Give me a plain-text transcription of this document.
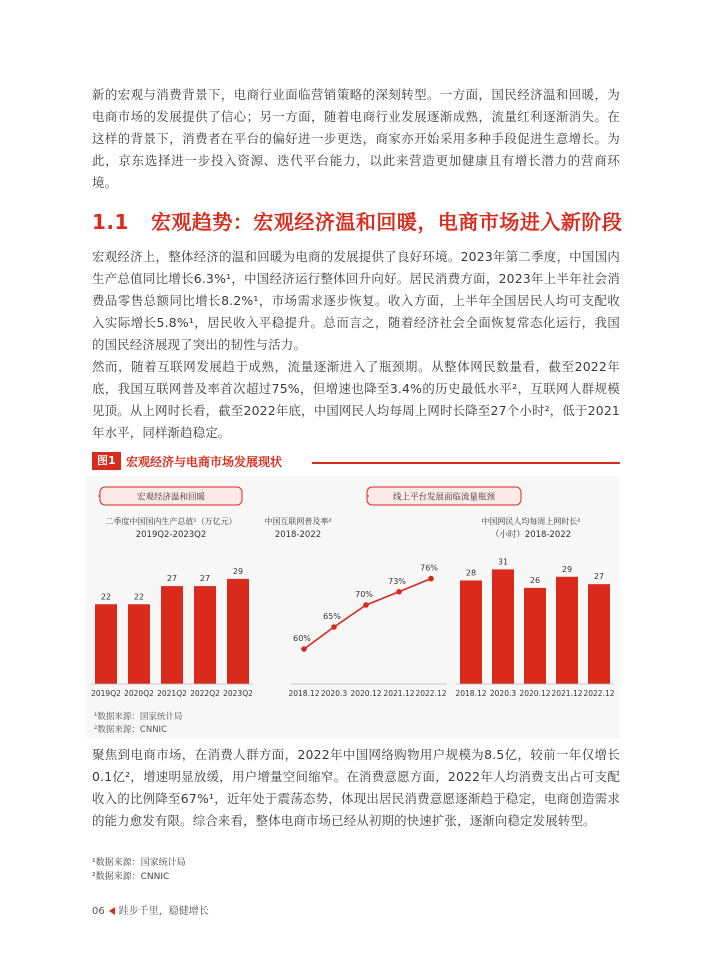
新的宏观与消费背景下，电商行业面临营销策略的深刻转型。一方面，国民经济温和回暖，为电商市场的发展提供了信心；另一方面，随着电商行业发展逐渐成熟，流量红利逐渐消失。在这样的背景下，消费者在平台的偏好进一步更迭，商家亦开始采用多种手段促进生意增长。为此，京东选择进一步投入资源、迭代平台能力，以此来营造更加健康且有增长潜力的营商环境。

1.1 宏观趋势：宏观经济温和回暖，电商市场进入新阶段

宏观经济上，整体经济的温和回暖为电商的发展提供了良好环境。2023年第二季度，中国国内生产总值同比增长6.3%¹，中国经济运行整体回升向好。居民消费方面，2023年上半年社会消费品零售总额同比增长8.2%¹，市场需求逐步恢复。收入方面，上半年全国居民人均可支配收入实际增长5.8%¹，居民收入平稳提升。总而言之，随着经济社会全面恢复常态化运行，我国的国民经济展现了突出的韧性与活力。

然而，随着互联网发展趋于成熟，流量逐渐进入了瓶颈期。从整体网民数量看，截至2022年底，我国互联网普及率首次超过75%，但增速也降至3.4%的历史最低水平²，互联网人群规模见顶。从上网时长看，截至2022年底，中国网民人均每周上网时长降至27个小时²，低于2021年水平，同样渐趋稳定。

图1 宏观经济与电商市场发展现状
宏观经济温和回暖	线上平台发展面临流量瓶颈
二季度中国国内生产总值¹（万亿元）
2019Q2-2023Q2
22
2019Q2
22
2020Q2
27
2021Q2
27
2022Q2
29
2023Q2
中国互联网普及率²
2018-2022
60%
2018.12
65%
2020.3
70%
2020.12
73%
2021.12
76%
2022.12
中国网民人均每周上网时长²
（小时）2018-2022
28
2018.12
31
2020.3
26
2020.12
29
2021.12
27
2022.12
¹数据来源：国家统计局
²数据来源：CNNIC

聚焦到电商市场，在消费人群方面，2022年中国网络购物用户规模为8.5亿，较前一年仅增长0.1亿²，增速明显放缓，用户增量空间缩窄。在消费意愿方面，2022年人均消费支出占可支配收入的比例降至67%¹，近年处于震荡态势，体现出居民消费意愿逐渐趋于稳定，电商创造需求的能力愈发有限。综合来看，整体电商市场已经从初期的快速扩张，逐渐向稳定发展转型。

¹数据来源：国家统计局
²数据来源：CNNIC
06 跬步千里，稳健增长
